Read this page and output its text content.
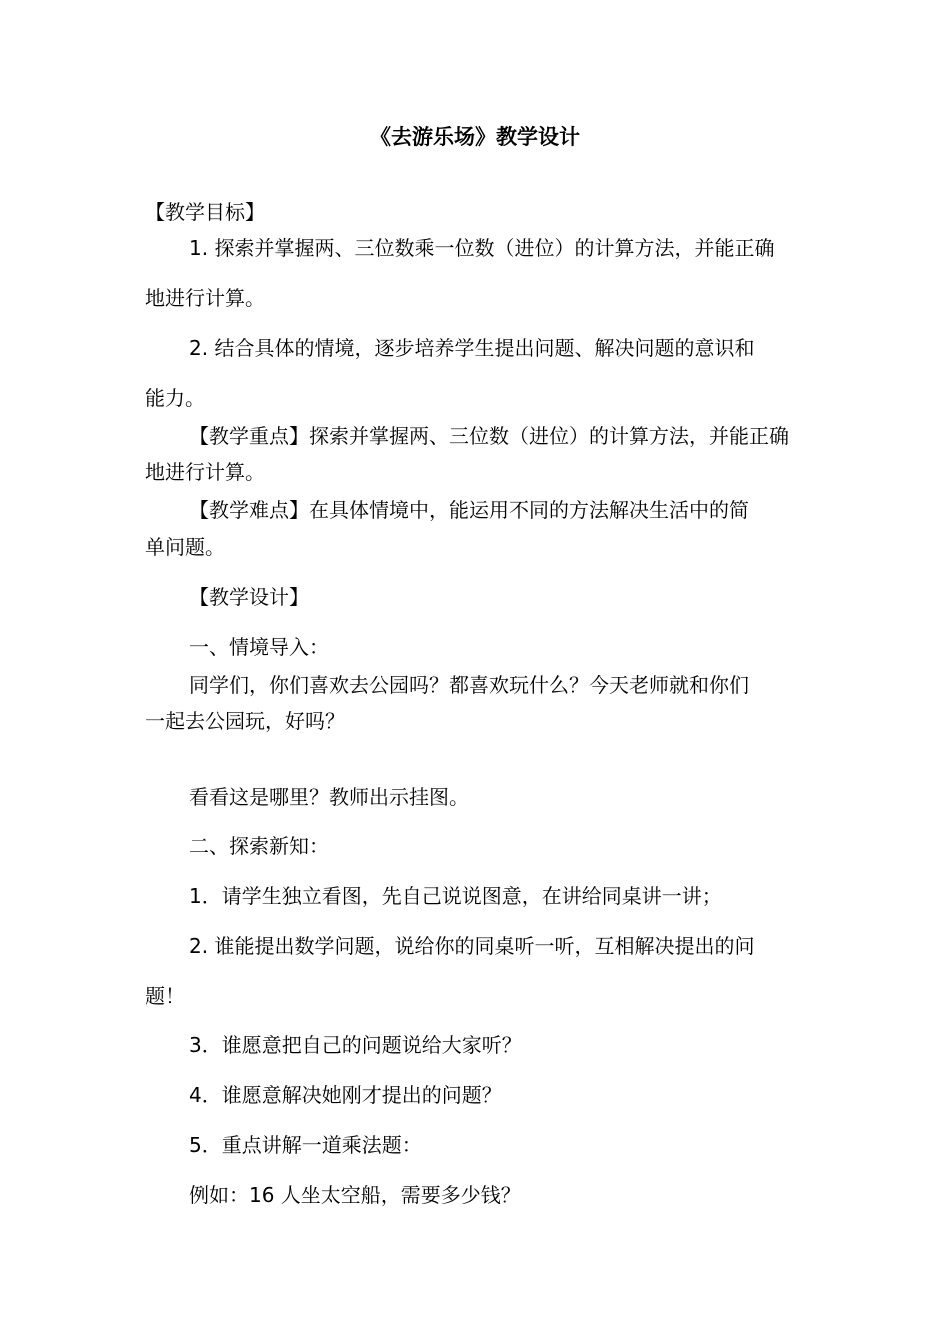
《去游乐场》教学设计

【教学目标】

1. 探索并掌握两、三位数乘一位数（进位）的计算方法，并能正确

地进行计算。

2. 结合具体的情境，逐步培养学生提出问题、解决问题的意识和

能力。

【教学重点】探索并掌握两、三位数（进位）的计算方法，并能正确

地进行计算。

【教学难点】在具体情境中，能运用不同的方法解决生活中的简

单问题。

【教学设计】

一、情境导入：

同学们，你们喜欢去公园吗？都喜欢玩什么？今天老师就和你们

一起去公园玩，好吗？

看看这是哪里？教师出示挂图。

二、探索新知：

1．请学生独立看图，先自己说说图意，在讲给同桌讲一讲；

2. 谁能提出数学问题，说给你的同桌听一听，互相解决提出的问

题！

3．谁愿意把自己的问题说给大家听？

4．谁愿意解决她刚才提出的问题？

5．重点讲解一道乘法题：

例如：16 人坐太空船，需要多少钱？
